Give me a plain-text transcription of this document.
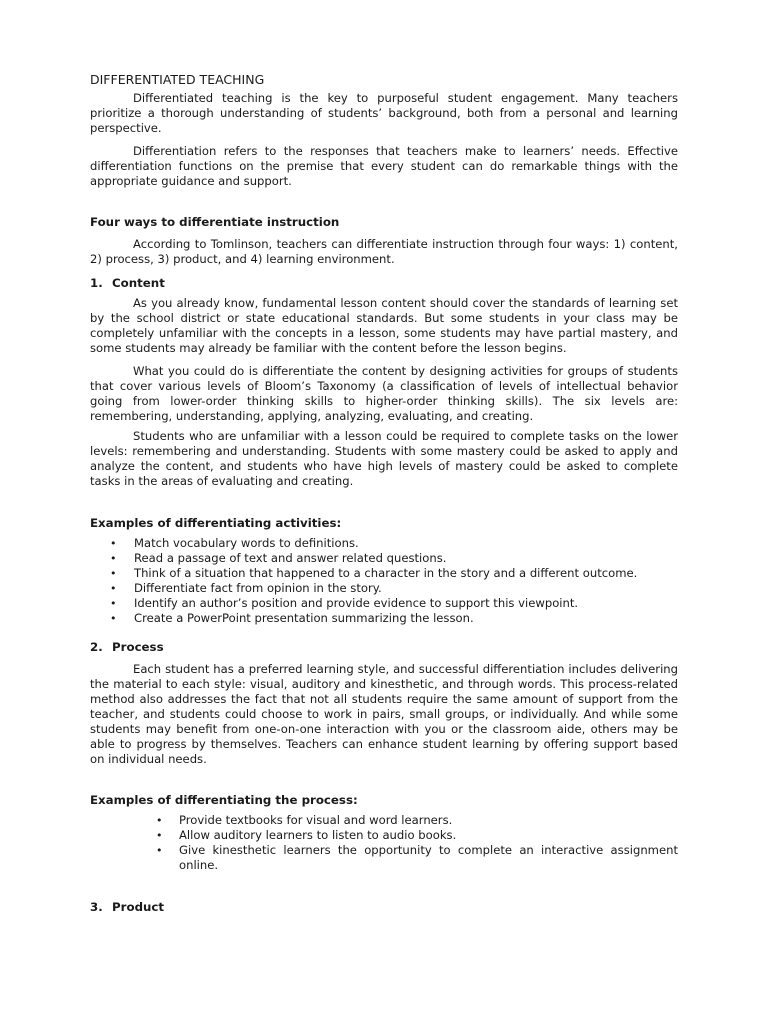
DIFFERENTIATED TEACHING

Differentiated teaching is the key to purposeful student engagement. Many teachers prioritize a thorough understanding of students’ background, both from a personal and learning perspective.

Differentiation refers to the responses that teachers make to learners’ needs. Effective differentiation functions on the premise that every student can do remarkable things with the appropriate guidance and support.

Four ways to differentiate instruction

According to Tomlinson, teachers can differentiate instruction through four ways: 1) content, 2) process, 3) product, and 4) learning environment.

1. Content

As you already know, fundamental lesson content should cover the standards of learning set by the school district or state educational standards. But some students in your class may be completely unfamiliar with the concepts in a lesson, some students may have partial mastery, and some students may already be familiar with the content before the lesson begins.

What you could do is differentiate the content by designing activities for groups of students that cover various levels of Bloom’s Taxonomy (a classification of levels of intellectual behavior going from lower-order thinking skills to higher-order thinking skills). The six levels are: remembering, understanding, applying, analyzing, evaluating, and creating.

Students who are unfamiliar with a lesson could be required to complete tasks on the lower levels: remembering and understanding. Students with some mastery could be asked to apply and analyze the content, and students who have high levels of mastery could be asked to complete tasks in the areas of evaluating and creating.

Examples of differentiating activities:

• Match vocabulary words to definitions.
• Read a passage of text and answer related questions.
• Think of a situation that happened to a character in the story and a different outcome.
• Differentiate fact from opinion in the story.
• Identify an author’s position and provide evidence to support this viewpoint.
• Create a PowerPoint presentation summarizing the lesson.

2. Process

Each student has a preferred learning style, and successful differentiation includes delivering the material to each style: visual, auditory and kinesthetic, and through words. This process-related method also addresses the fact that not all students require the same amount of support from the teacher, and students could choose to work in pairs, small groups, or individually. And while some students may benefit from one-on-one interaction with you or the classroom aide, others may be able to progress by themselves. Teachers can enhance student learning by offering support based on individual needs.

Examples of differentiating the process:

• Provide textbooks for visual and word learners.
• Allow auditory learners to listen to audio books.
• Give kinesthetic learners the opportunity to complete an interactive assignment online.

3. Product
